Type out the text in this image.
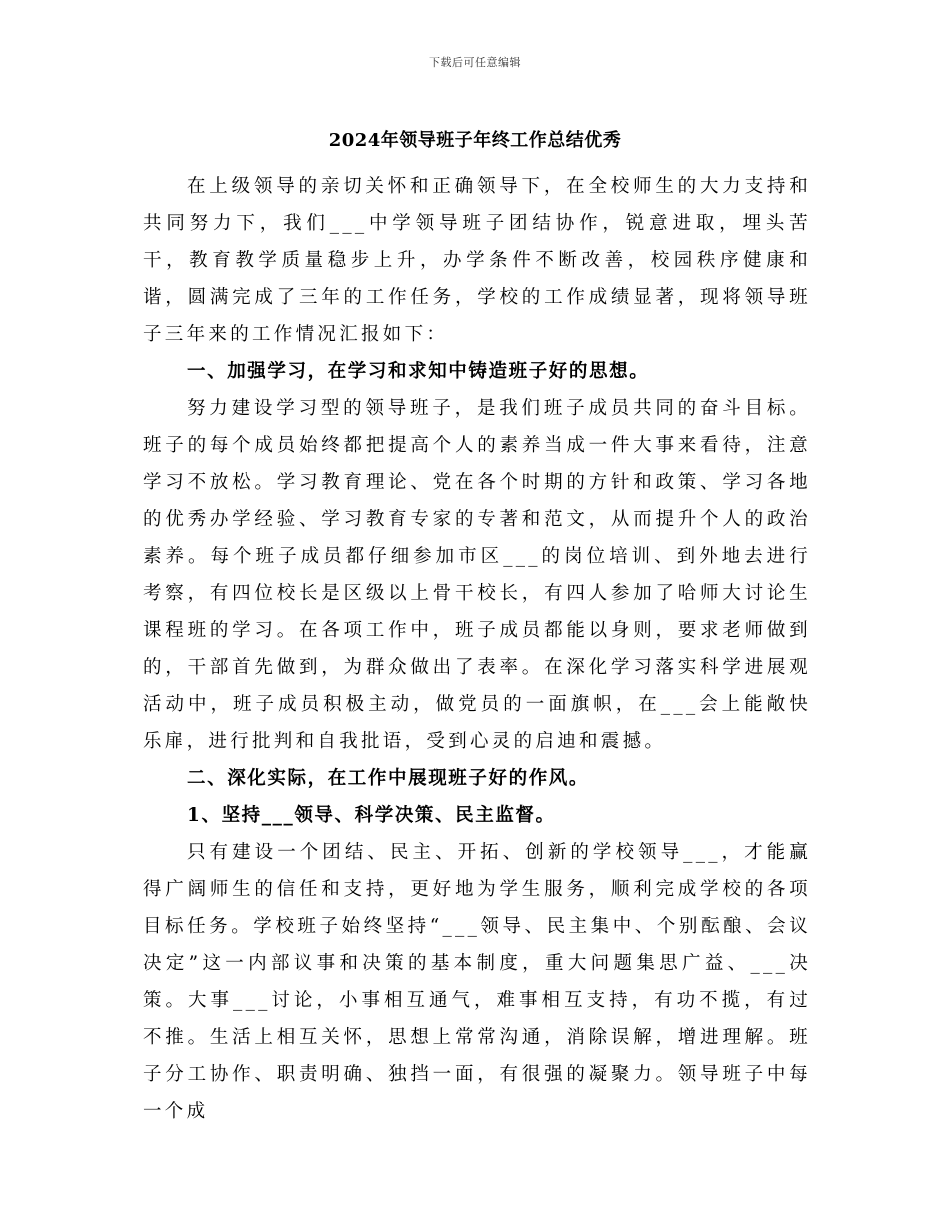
下载后可任意编辑
2024年领导班子年终工作总结优秀

在上级领导的亲切关怀和正确领导下，在全校师生的大力支持和共同努力下，我们___中学领导班子团结协作，锐意进取，埋头苦干，教育教学质量稳步上升，办学条件不断改善，校园秩序健康和谐，圆满完成了三年的工作任务，学校的工作成绩显著，现将领导班子三年来的工作情况汇报如下：

一、加强学习，在学习和求知中铸造班子好的思想。

努力建设学习型的领导班子，是我们班子成员共同的奋斗目标。班子的每个成员始终都把提高个人的素养当成一件大事来看待，注意学习不放松。学习教育理论、党在各个时期的方针和政策、学习各地的优秀办学经验、学习教育专家的专著和范文，从而提升个人的政治素养。每个班子成员都仔细参加市区___的岗位培训、到外地去进行考察，有四位校长是区级以上骨干校长，有四人参加了哈师大讨论生课程班的学习。在各项工作中，班子成员都能以身则，要求老师做到的，干部首先做到，为群众做出了表率。在深化学习落实科学进展观活动中，班子成员积极主动，做党员的一面旗帜，在___会上能敞快乐扉，进行批判和自我批语，受到心灵的启迪和震撼。

二、深化实际，在工作中展现班子好的作风。

1、坚持___领导、科学决策、民主监督。

只有建设一个团结、民主、开拓、创新的学校领导___，才能赢得广阔师生的信任和支持，更好地为学生服务，顺利完成学校的各项目标任务。学校班子始终坚持“___领导、民主集中、个别酝酿、会议决定”这一内部议事和决策的基本制度，重大问题集思广益、___决策。大事___讨论，小事相互通气，难事相互支持，有功不揽，有过不推。生活上相互关怀，思想上常常沟通，消除误解，增进理解。班子分工协作、职责明确、独挡一面，有很强的凝聚力。领导班子中每一个成
